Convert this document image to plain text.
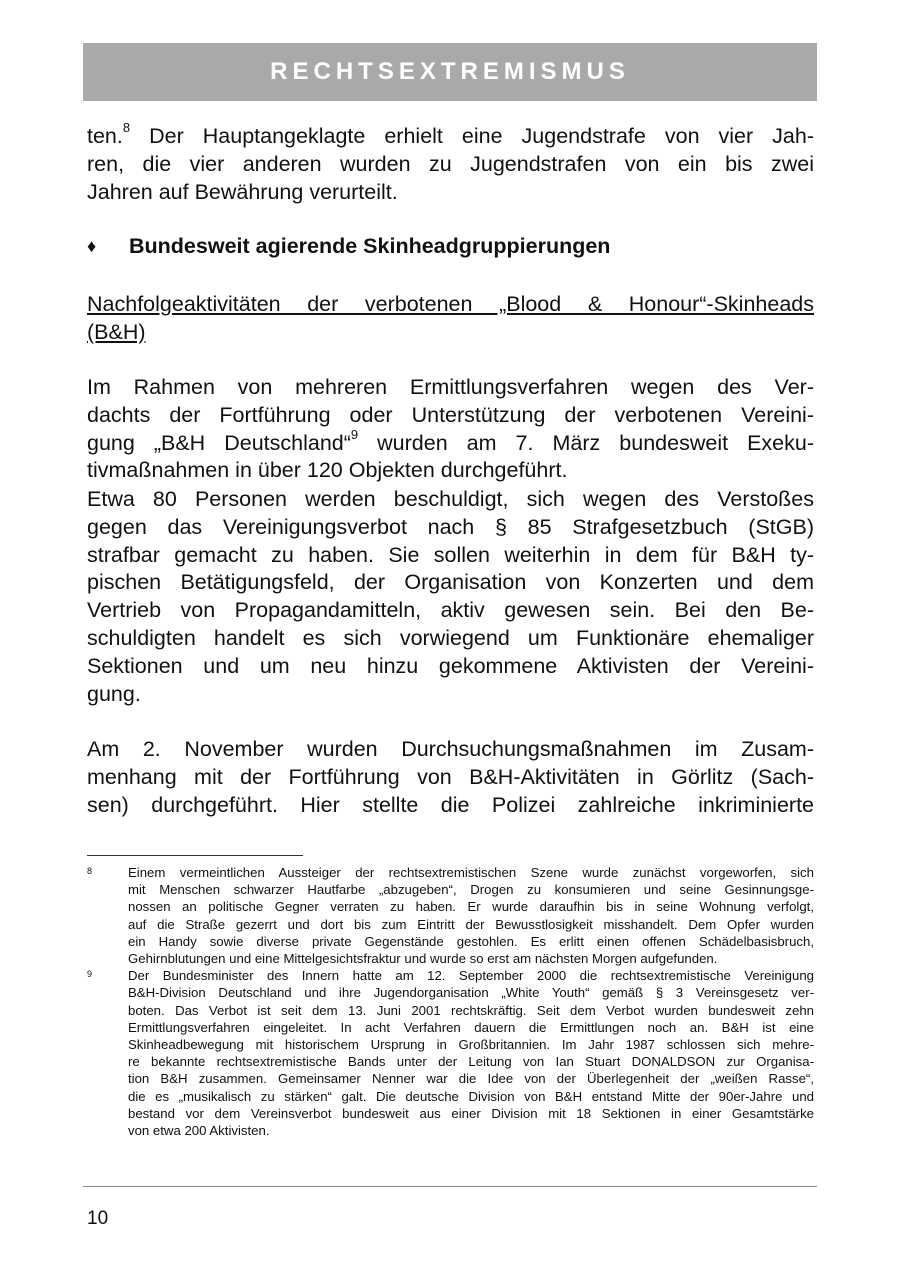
RECHTSEXTREMISMUS
ten.$^8$ Der Hauptangeklagte erhielt eine Jugendstrafe von vier Jah-
ren, die vier anderen wurden zu Jugendstrafen von ein bis zwei
Jahren auf Bewährung verurteilt.
♦	Bundesweit agierende Skinheadgruppierungen
Nachfolgeaktivitäten der verbotenen „Blood & Honour“-Skinheads
(B&H)
Im Rahmen von mehreren Ermittlungsverfahren wegen des Ver-
dachts der Fortführung oder Unterstützung der verbotenen Vereini-
gung „B&H Deutschland“$^9$ wurden am 7. März bundesweit Exeku-
tivmaßnahmen in über 120 Objekten durchgeführt.
Etwa 80 Personen werden beschuldigt, sich wegen des Verstoßes
gegen das Vereinigungsverbot nach § 85 Strafgesetzbuch (StGB)
strafbar gemacht zu haben. Sie sollen weiterhin in dem für B&H ty-
pischen Betätigungsfeld, der Organisation von Konzerten und dem
Vertrieb von Propagandamitteln, aktiv gewesen sein. Bei den Be-
schuldigten handelt es sich vorwiegend um Funktionäre ehemaliger
Sektionen und um neu hinzu gekommene Aktivisten der Vereini-
gung.
Am 2. November wurden Durchsuchungsmaßnahmen im Zusam-
menhang mit der Fortführung von B&H-Aktivitäten in Görlitz (Sach-
sen) durchgeführt. Hier stellte die Polizei zahlreiche inkriminierte
8	Einem vermeintlichen Aussteiger der rechtsextremistischen Szene wurde zunächst vorgeworfen, sich
mit Menschen schwarzer Hautfarbe „abzugeben“, Drogen zu konsumieren und seine Gesinnungsge-
nossen an politische Gegner verraten zu haben. Er wurde daraufhin bis in seine Wohnung verfolgt,
auf die Straße gezerrt und dort bis zum Eintritt der Bewusstlosigkeit misshandelt. Dem Opfer wurden
ein Handy sowie diverse private Gegenstände gestohlen. Es erlitt einen offenen Schädelbasisbruch,
Gehirnblutungen und eine Mittelgesichtsfraktur und wurde so erst am nächsten Morgen aufgefunden.
9	Der Bundesminister des Innern hatte am 12. September 2000 die rechtsextremistische Vereinigung
B&H-Division Deutschland und ihre Jugendorganisation „White Youth“ gemäß § 3 Vereinsgesetz ver-
boten. Das Verbot ist seit dem 13. Juni 2001 rechtskräftig. Seit dem Verbot wurden bundesweit zehn
Ermittlungsverfahren eingeleitet. In acht Verfahren dauern die Ermittlungen noch an. B&H ist eine
Skinheadbewegung mit historischem Ursprung in Großbritannien. Im Jahr 1987 schlossen sich mehre-
re bekannte rechtsextremistische Bands unter der Leitung von Ian Stuart DONALDSON zur Organisa-
tion B&H zusammen. Gemeinsamer Nenner war die Idee von der Überlegenheit der „weißen Rasse“,
die es „musikalisch zu stärken“ galt. Die deutsche Division von B&H entstand Mitte der 90er-Jahre und
bestand vor dem Vereinsverbot bundesweit aus einer Division mit 18 Sektionen in einer Gesamtstärke
von etwa 200 Aktivisten.
10
